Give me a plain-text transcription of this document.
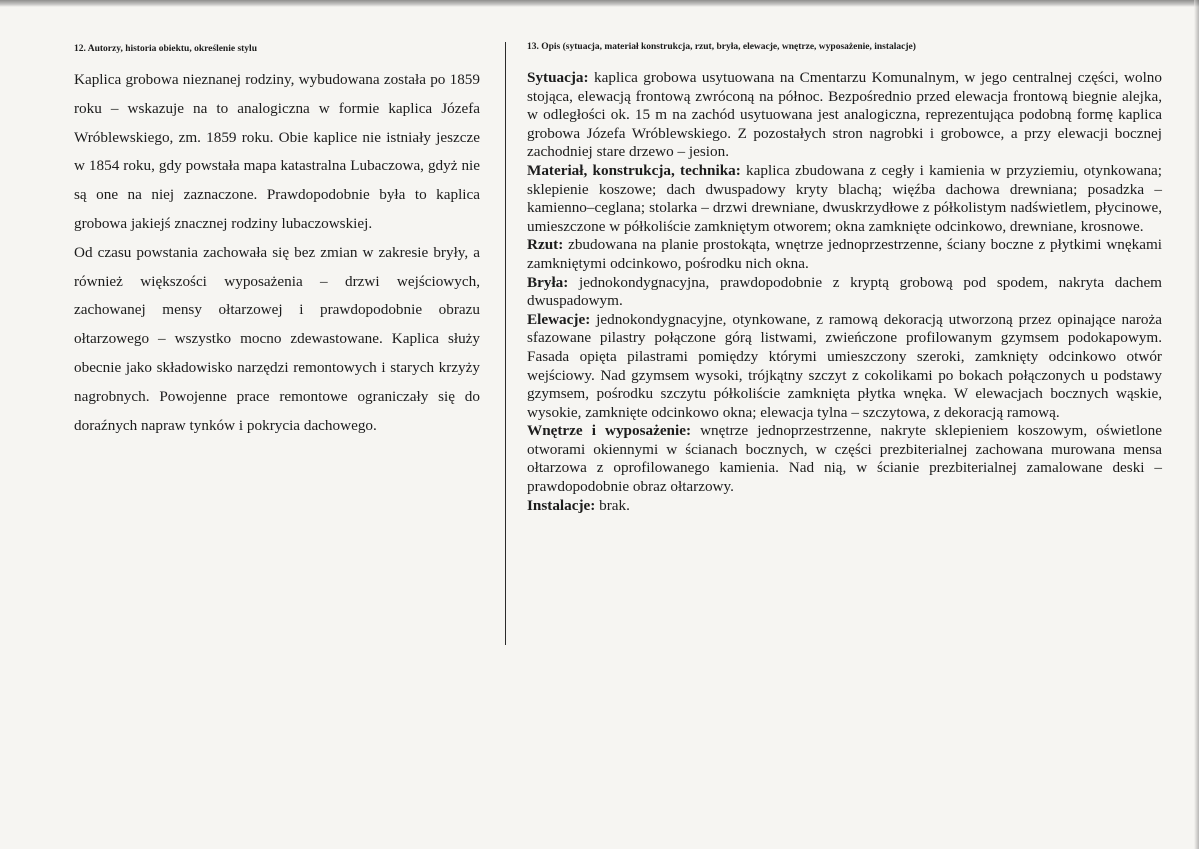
12. Autorzy, historia obiektu, określenie stylu

Kaplica grobowa nieznanej rodziny, wybudowana została po 1859 roku – wskazuje na to analogiczna w formie kaplica Józefa Wróblewskiego, zm. 1859 roku. Obie kaplice nie istniały jeszcze w 1854 roku, gdy powstała mapa katastralna Lubaczowa, gdyż nie są one na niej zaznaczone. Prawdopodobnie była to kaplica grobowa jakiejś znacznej rodziny lubaczowskiej.

Od czasu powstania zachowała się bez zmian w zakresie bryły, a również większości wyposażenia – drzwi wejściowych, zachowanej mensy ołtarzowej i prawdopodobnie obrazu ołtarzowego – wszystko mocno zdewastowane. Kaplica służy obecnie jako składowisko narzędzi remontowych i starych krzyży nagrobnych. Powojenne prace remontowe ograniczały się do doraźnych napraw tynków i pokrycia dachowego.

13. Opis (sytuacja, materiał konstrukcja, rzut, bryła, elewacje, wnętrze, wyposażenie, instalacje)

Sytuacja: kaplica grobowa usytuowana na Cmentarzu Komunalnym, w jego centralnej części, wolno stojąca, elewacją frontową zwróconą na północ. Bezpośrednio przed elewacja frontową biegnie alejka, w odległości ok. 15 m na zachód usytuowana jest analogiczna, reprezentująca podobną formę kaplica grobowa Józefa Wróblewskiego. Z pozostałych stron nagrobki i grobowce, a przy elewacji bocznej zachodniej stare drzewo – jesion.

Materiał, konstrukcja, technika: kaplica zbudowana z cegły i kamienia w przyziemiu, otynkowana; sklepienie koszowe; dach dwuspadowy kryty blachą; więźba dachowa drewniana; posadzka – kamienno–ceglana; stolarka – drzwi drewniane, dwuskrzydłowe z półkolistym nadświetlem, płycinowe, umieszczone w półkoliście zamkniętym otworem; okna zamknięte odcinkowo, drewniane, krosnowe.

Rzut: zbudowana na planie prostokąta, wnętrze jednoprzestrzenne, ściany boczne z płytkimi wnękami zamkniętymi odcinkowo, pośrodku nich okna.

Bryła: jednokondygnacyjna, prawdopodobnie z kryptą grobową pod spodem, nakryta dachem dwuspadowym.

Elewacje: jednokondygnacyjne, otynkowane, z ramową dekoracją utworzoną przez opinające naroża sfazowane pilastry połączone górą listwami, zwieńczone profilowanym gzymsem podokapowym. Fasada opięta pilastrami pomiędzy którymi umieszczony szeroki, zamknięty odcinkowo otwór wejściowy. Nad gzymsem wysoki, trójkątny szczyt z cokolikami po bokach połączonych u podstawy gzymsem, pośrodku szczytu półkoliście zamknięta płytka wnęka. W elewacjach bocznych wąskie, wysokie, zamknięte odcinkowo okna; elewacja tylna – szczytowa, z dekoracją ramową.

Wnętrze i wyposażenie: wnętrze jednoprzestrzenne, nakryte sklepieniem koszowym, oświetlone otworami okiennymi w ścianach bocznych, w części prezbiterialnej zachowana murowana mensa ołtarzowa z oprofilowanego kamienia. Nad nią, w ścianie prezbiterialnej zamalowane deski – prawdopodobnie obraz ołtarzowy.

Instalacje: brak.
